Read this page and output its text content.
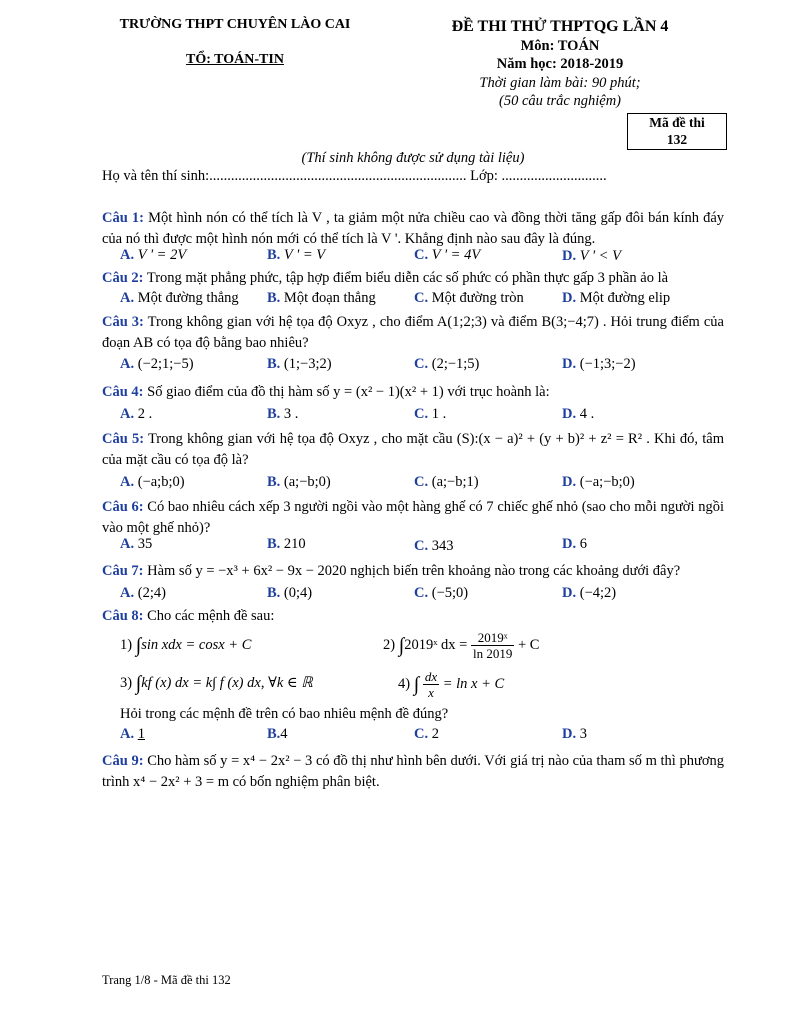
TRƯỜNG THPT CHUYÊN LÀO CAI
TỔ: TOÁN-TIN
ĐỀ THI THỬ THPTQG LẦN 4
Môn: TOÁN
Năm học: 2018-2019
Thời gian làm bài: 90 phút;
(50 câu trắc nghiệm)
Mã đề thi
132
(Thí sinh không được sử dụng tài liệu)
Họ và tên thí sinh:....................................................................... Lớp: .............................
Câu 1: Một hình nón có thể tích là V , ta giảm một nửa chiều cao và đồng thời tăng gấp đôi bán kính đáy của nó thì được một hình nón mới có thể tích là V '. Khẳng định nào sau đây là đúng.
A. V ' = 2V	B. V ' = V	C. V ' = 4V	D. V ' < V
Câu 2: Trong mặt phẳng phức, tập hợp điểm biểu diễn các số phức có phần thực gấp 3 phần ảo là
A. Một đường thẳng B. Một đoạn thẳng	C. Một đường tròn	D. Một đường elip
Câu 3: Trong không gian với hệ tọa độ Oxyz , cho điểm A(1;2;3) và điểm B(3;−4;7) . Hỏi trung điểm của đoạn AB có tọa độ bằng bao nhiêu?
A. (−2;1;−5)	B. (1;−3;2)	C. (2;−1;5)	D. (−1;3;−2)
Câu 4: Số giao điểm của đồ thị hàm số y = (x² − 1)(x² + 1) với trục hoành là:
A. 2 .	B. 3 .	C. 1 .	D. 4 .
Câu 5: Trong không gian với hệ tọa độ Oxyz , cho mặt cầu (S):(x − a)² + (y + b)² + z² = R² . Khi đó, tâm của mặt cầu có tọa độ là?
A. (−a;b;0)	B. (a;−b;0)	C. (a;−b;1)	D. (−a;−b;0)
Câu 6: Có bao nhiêu cách xếp 3 người ngồi vào một hàng ghế có 7 chiếc ghế nhỏ (sao cho mỗi người ngồi vào một ghế nhỏ)?
A. 35	B. 210	C. 343	D. 6
Câu 7: Hàm số y = −x³ + 6x² − 9x − 2020 nghịch biến trên khoảng nào trong các khoảng dưới đây?
A. (2;4)	B. (0;4)	C. (−5;0)	D. (−4;2)
Câu 8: Cho các mệnh đề sau:
1) ∫sin xdx = cosx + C	2) ∫2019ˣ dx = $\frac{\text{2019ˣ}}{\ln 2019} + C$
3) ∫kf (x) dx = k∫ f (x) dx, ∀k ∈ ℝ	4) ∫ $\frac{dx}{x} = \ln x + C$
Hỏi trong các mệnh đề trên có bao nhiêu mệnh đề đúng?
A. 1	B.4	C. 2	D. 3
Câu 9: Cho hàm số y = x⁴ − 2x² − 3 có đồ thị như hình bên dưới. Với giá trị nào của tham số m thì phương trình x⁴ − 2x² + 3 = m có bốn nghiệm phân biệt.
Trang 1/8 - Mã đề thi 132
